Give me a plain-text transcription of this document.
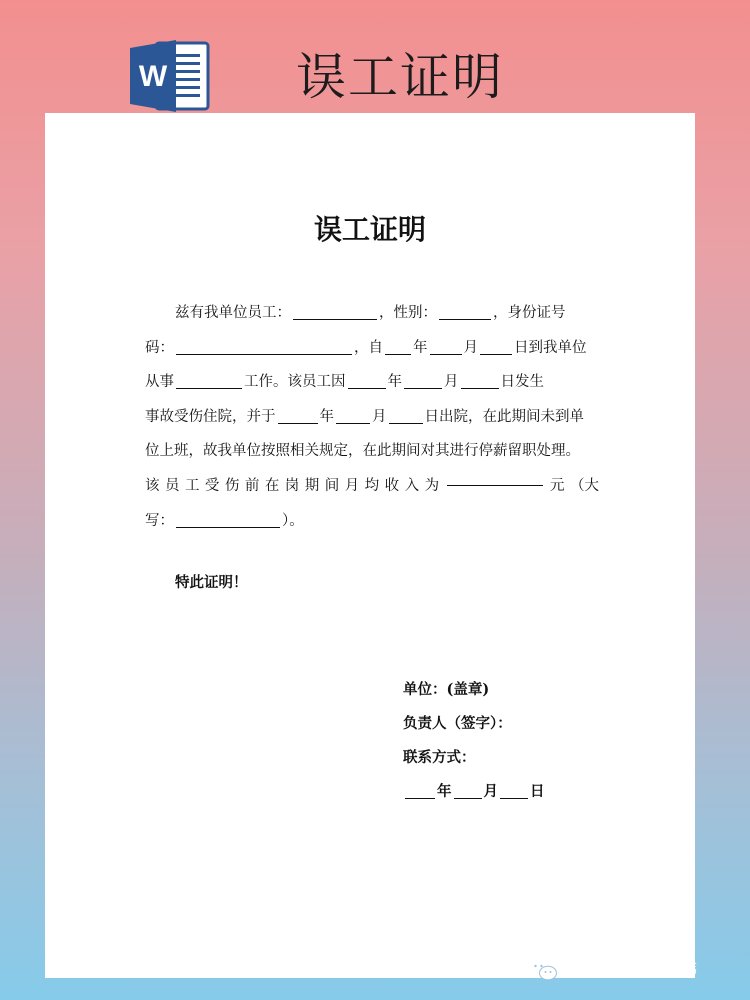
W	误工证明
误工证明
兹有我单位员工：	，性别：	，身份证号
码：	，自 年 月 日到我单位
从事	工作。该员工因	年	月	日发生
事故受伤住院，并于	年	月	日出院，在此期间未到单
位上班，故我单位按照相关规定，在此期间对其进行停薪留职处理。
该 员 工 受 伤 前 在 岗 期 间 月 均 收 入 为	元 （大
写：	）。
特此证明！
单位：(盖章)
负责人（签字）：
联系方式：
年 月 日
公众号 · 模板阿伟
